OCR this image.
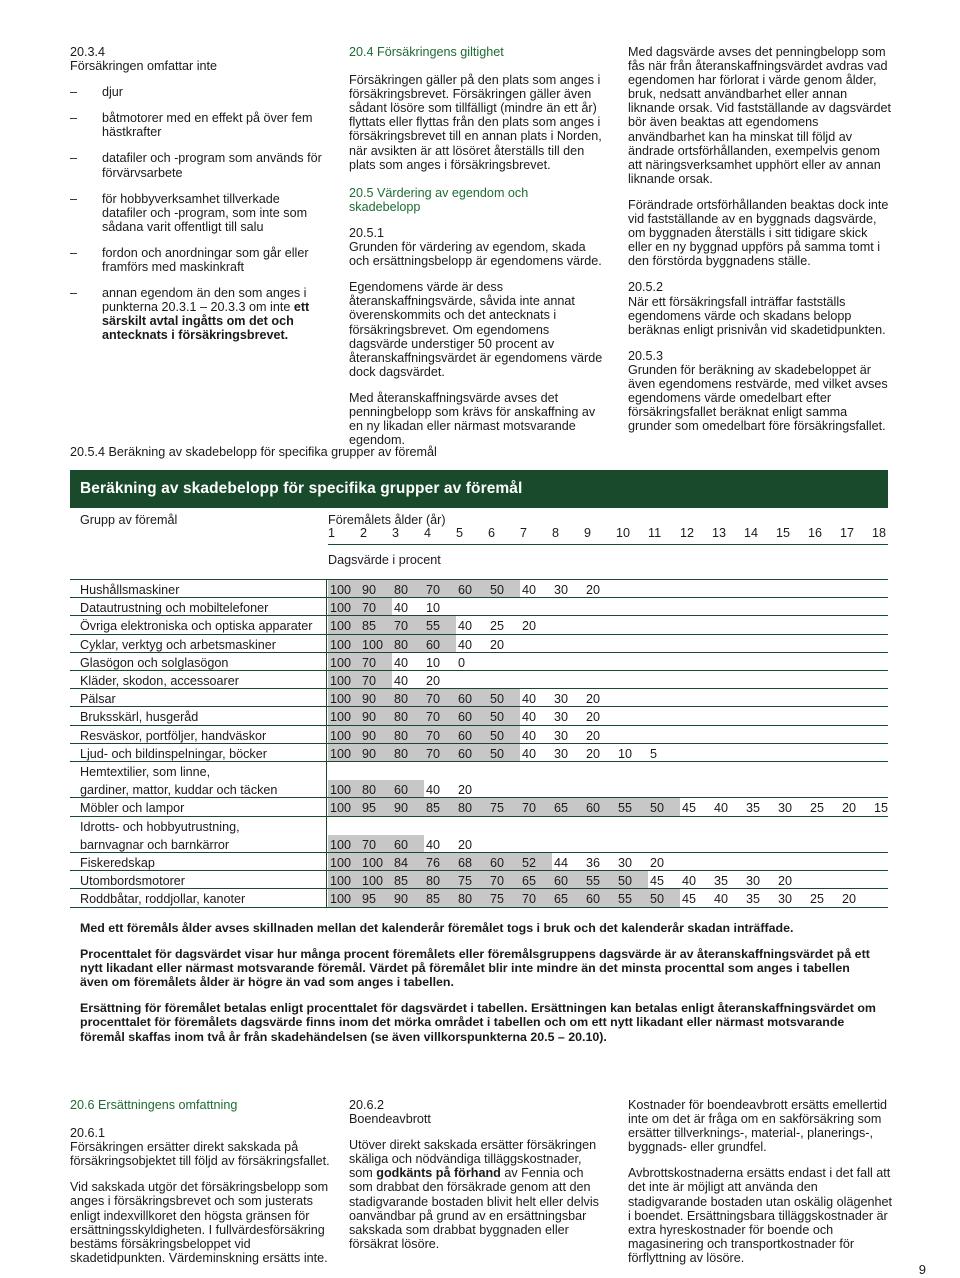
20.3.4
Försäkringen omfattar inte
– djur
– båtmotorer med en effekt på över fem hästkrafter
– datafiler och -program som används för förvärvsarbete
– för hobbyverksamhet tillverkade datafiler och -program, som inte som sådana varit offentligt till salu
– fordon och anordningar som går eller framförs med maskinkraft
– annan egendom än den som anges i punkterna 20.3.1 – 20.3.3 om inte ett särskilt avtal ingåtts om det och antecknats i försäkringsbrevet.
20.4 Försäkringens giltighet

Försäkringen gäller på den plats som anges i försäkringsbrevet. Försäkringen gäller även sådant lösöre som tillfälligt (mindre än ett år) flyttats eller flyttas från den plats som anges i försäkringsbrevet till en annan plats i Norden, när avsikten är att lösöret återställs till den plats som anges i försäkringsbrevet.

20.5 Värdering av egendom och skadebelopp
20.5.1

Grunden för värdering av egendom, skada och ersättningsbelopp är egendomens värde.

Egendomens värde är dess återanskaffningsvärde, såvida inte annat överenskommits och det antecknats i försäkringsbrevet. Om egendomens dagsvärde understiger 50 procent av återanskaffningsvärdet är egendomens värde dock dagsvärdet.

Med återanskaffningsvärde avses det penningbelopp som krävs för anskaffning av en ny likadan eller närmast motsvarande egendom.

Med dagsvärde avses det penningbelopp som fås när från återanskaffningsvärdet avdras vad egendomen har förlorat i värde genom ålder, bruk, nedsatt användbarhet eller annan liknande orsak. Vid fastställande av dagsvärdet bör även beaktas att egendomens användbarhet kan ha minskat till följd av ändrade ortsförhållanden, exempelvis genom att näringsverksamhet upphört eller av annan liknande orsak.

Förändrade ortsförhållanden beaktas dock inte vid fastställande av en byggnads dagsvärde, om byggnaden återställs i sitt tidigare skick eller en ny byggnad uppförs på samma tomt i den förstörda byggnadens ställe.

20.5.2

När ett försäkringsfall inträffar fastställs egendomens värde och skadans belopp beräknas enligt prisnivån vid skadetidpunkten.

20.5.3

Grunden för beräkning av skadebeloppet är även egendomens restvärde, med vilket avses egendomens värde omedelbart efter försäkringsfallet beräknat enligt samma grunder som omedelbart före försäkringsfallet.

20.5.4 Beräkning av skadebelopp för specifika grupper av föremål
Beräkning av skadebelopp för specifika grupper av föremål
Grupp av föremål	Föremålets ålder (år)
1 2 3 4 5 6 7 8 9 10 11 12 13 14 15 16 17 18
Dagsvärde i procent
Hushållsmaskiner	100 90	80	70	60	50	40	30	20
Datautrustning och mobiltelefoner	100 70	40	10
Övriga elektroniska och optiska apparater 100 85	70	55	40	25	20
Cyklar, verktyg och arbetsmaskiner	100 100 80	60	40	20
Glasögon och solglasögon	100 70	40	10	0
Kläder, skodon, accessoarer	100 70	40	20
Pälsar	100 90	80	70	60	50	40	30	20
Bruksskärl, husgeråd	100 90	80	70	60	50	40	30	20
Resväskor, portföljer, handväskor	100 90	80	70	60	50	40	30	20
Ljud- och bildinspelningar, böcker	100 90	80	70	60	50	40	30	20	10	5
Hemtextilier, som linne,
gardiner, mattor, kuddar och täcken	100 80	60	40	20
Möbler och lampor	100 95	90	85	80	75	70	65	60	55	50	45	40	35	30	25	20	15
Idrotts- och hobbyutrustning,
barnvagnar och barnkärror	100 70	60	40	20
Fiskeredskap	100 100 84	76	68	60	52	44	36	30	20
Utombordsmotorer	100 100 85	80	75	70	65	60	55	50	45	40	35	30	20
Roddbåtar, roddjollar, kanoter	100 95	90	85	80	75	70	65	60	55	50	45	40	35	30	25	20

Med ett föremåls ålder avses skillnaden mellan det kalenderår föremålet togs i bruk och det kalenderår skadan inträffade.

Procenttalet för dagsvärdet visar hur många procent föremålets eller föremålsgruppens dagsvärde är av återanskaffningsvärdet på ett nytt likadant eller närmast motsvarande föremål. Värdet på föremålet blir inte mindre än det minsta procenttal som anges i tabellen även om föremålets ålder är högre än vad som anges i tabellen.

Ersättning för föremålet betalas enligt procenttalet för dagsvärdet i tabellen. Ersättningen kan betalas enligt återanskaffningsvärdet om procenttalet för föremålets dagsvärde finns inom det mörka området i tabellen och om ett nytt likadant eller närmast motsvarande föremål skaffas inom två år från skadehändelsen (se även villkorspunkterna 20.5 – 20.10).

20.6 Ersättningens omfattning
20.6.1

Försäkringen ersätter direkt sakskada på försäkringsobjektet till följd av försäkringsfallet.

Vid sakskada utgör det försäkringsbelopp som anges i försäkringsbrevet och som justerats enligt indexvillkoret den högsta gränsen för ersättningsskyldigheten. I fullvärdesförsäkring bestäms försäkringsbeloppet vid skadetidpunkten. Värdeminskning ersätts inte.

20.6.2
Boendeavbrott

Utöver direkt sakskada ersätter försäkringen skäliga och nödvändiga tilläggskostnader, som godkänts på förhand av Fennia och som drabbat den försäkrade genom att den stadigvarande bostaden blivit helt eller delvis oanvändbar på grund av en ersättningsbar sakskada som drabbat byggnaden eller försäkrat lösöre.

Kostnader för boendeavbrott ersätts emellertid inte om det är fråga om en sakförsäkring som ersätter tillverknings-, material-, planerings-, byggnads- eller grundfel.

Avbrottskostnaderna ersätts endast i det fall att det inte är möjligt att använda den stadigvarande bostaden utan oskälig olägenhet i boendet. Ersättningsbara tilläggskostnader är extra hyreskostnader för boende och magasinering och transportkostnader för förflyttning av lösöre.

9
